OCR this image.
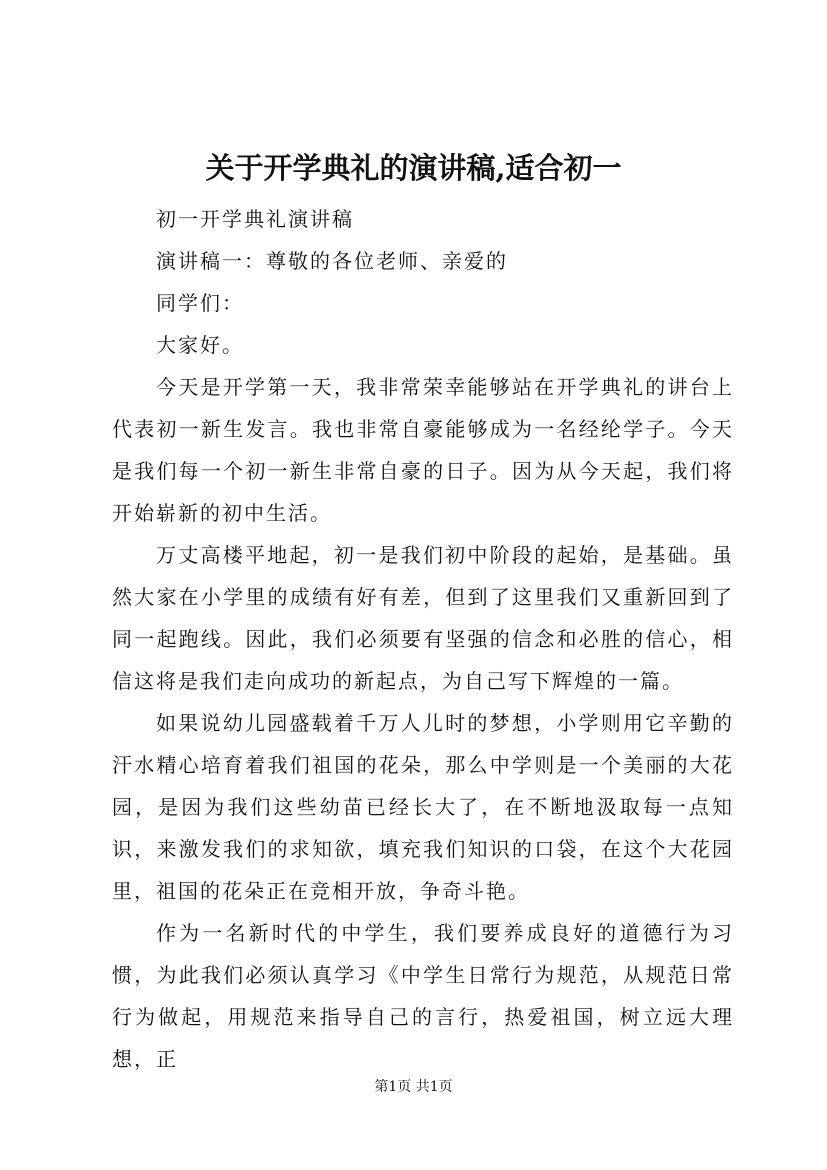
关于开学典礼的演讲稿,适合初一

初一开学典礼演讲稿

演讲稿一：尊敬的各位老师、亲爱的

同学们：

大家好。

今天是开学第一天，我非常荣幸能够站在开学典礼的讲台上代表初一新生发言。我也非常自豪能够成为一名经纶学子。今天是我们每一个初一新生非常自豪的日子。因为从今天起，我们将开始崭新的初中生活。

万丈高楼平地起，初一是我们初中阶段的起始，是基础。虽然大家在小学里的成绩有好有差，但到了这里我们又重新回到了同一起跑线。因此，我们必须要有坚强的信念和必胜的信心，相信这将是我们走向成功的新起点，为自己写下辉煌的一篇。

如果说幼儿园盛载着千万人儿时的梦想，小学则用它辛勤的汗水精心培育着我们祖国的花朵，那么中学则是一个美丽的大花园，是因为我们这些幼苗已经长大了，在不断地汲取每一点知识，来激发我们的求知欲，填充我们知识的口袋，在这个大花园里，祖国的花朵正在竞相开放，争奇斗艳。

作为一名新时代的中学生，我们要养成良好的道德行为习惯，为此我们必须认真学习《中学生日常行为规范，从规范日常行为做起，用规范来指导自己的言行，热爱祖国，树立远大理想，正

第1页 共1页
